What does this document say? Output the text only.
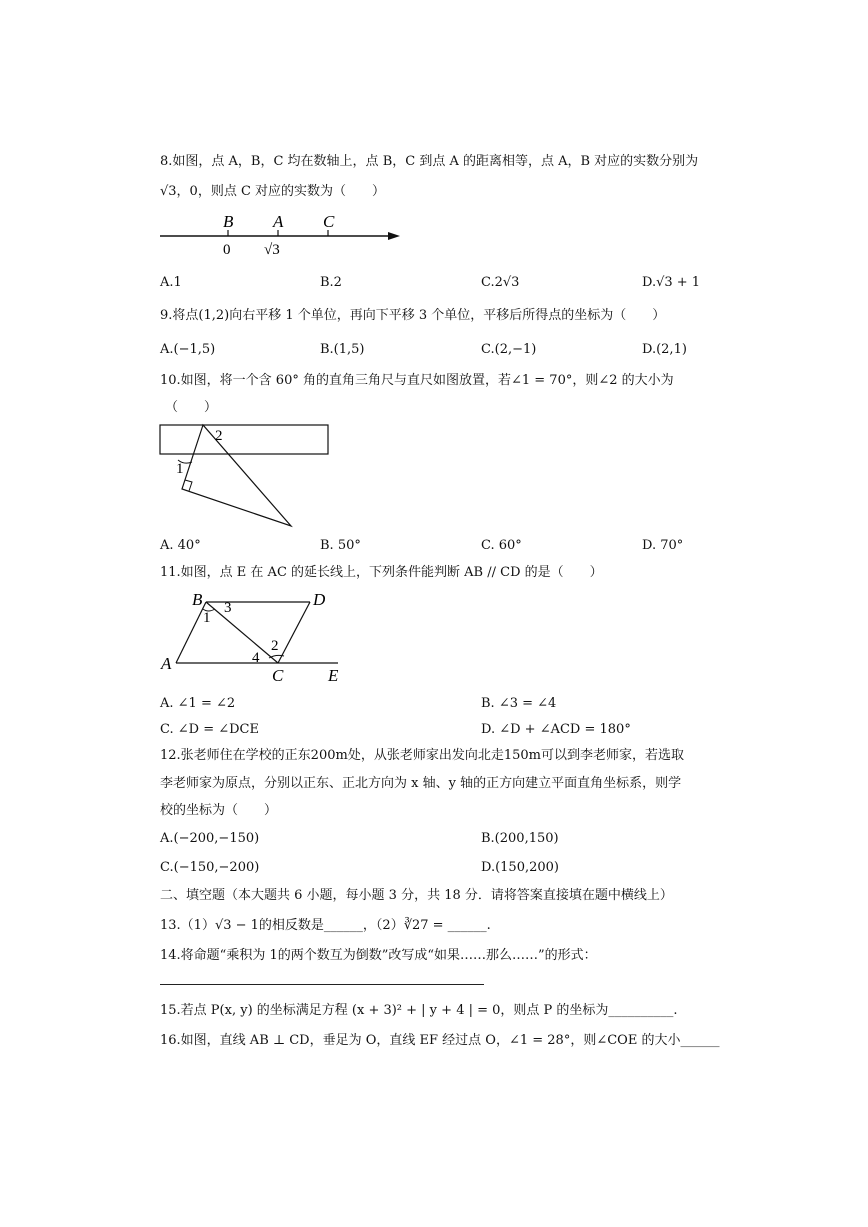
8.如图，点 A，B，C 均在数轴上，点 B，C 到点 A 的距离相等，点 A，B 对应的实数分别为
√3，0，则点 C 对应的实数为（　　）
B A C
0 √3
A.1	B.2	C.2√3	D.√3 + 1
9.将点(1,2)向右平移 1 个单位，再向下平移 3 个单位，平移后所得点的坐标为（　　）
A.(−1,5)	B.(1,5)	C.(2,−1)	D.(2,1)
10.如图，将一个含 60° 角的直角三角尺与直尺如图放置，若∠1 = 70°，则∠2 的大小为
（　　）
2
1
A. 40°	B. 50°	C. 60°	D. 70°
11.如图，点 E 在 AC 的延长线上，下列条件能判断 AB // CD 的是（　　）
B	D
A
C	E
1
3
2
4
A. ∠1 = ∠2	B. ∠3 = ∠4
C. ∠D = ∠DCE	D. ∠D + ∠ACD = 180°
12.张老师住在学校的正东200m处，从张老师家出发向北走150m可以到李老师家，若选取
李老师家为原点，分别以正东、正北方向为 x 轴、y 轴的正方向建立平面直角坐标系，则学
校的坐标为（　　）
A.(−200,−150)	B.(200,150)
C.(−150,−200)	D.(150,200)
二、填空题（本大题共 6 小题，每小题 3 分，共 18 分．请将答案直接填在题中横线上）
13.（1）√3 − 1的相反数是______，（2）∛27 = ______.
14.将命题“乘积为 1的两个数互为倒数”改写成“如果……那么……”的形式：
15.若点 P(x, y) 的坐标满足方程 (x + 3)² + | y + 4 | = 0，则点 P 的坐标为__________.
16.如图，直线 AB ⊥ CD，垂足为 O，直线 EF 经过点 O，∠1 = 28°，则∠COE 的大小______
